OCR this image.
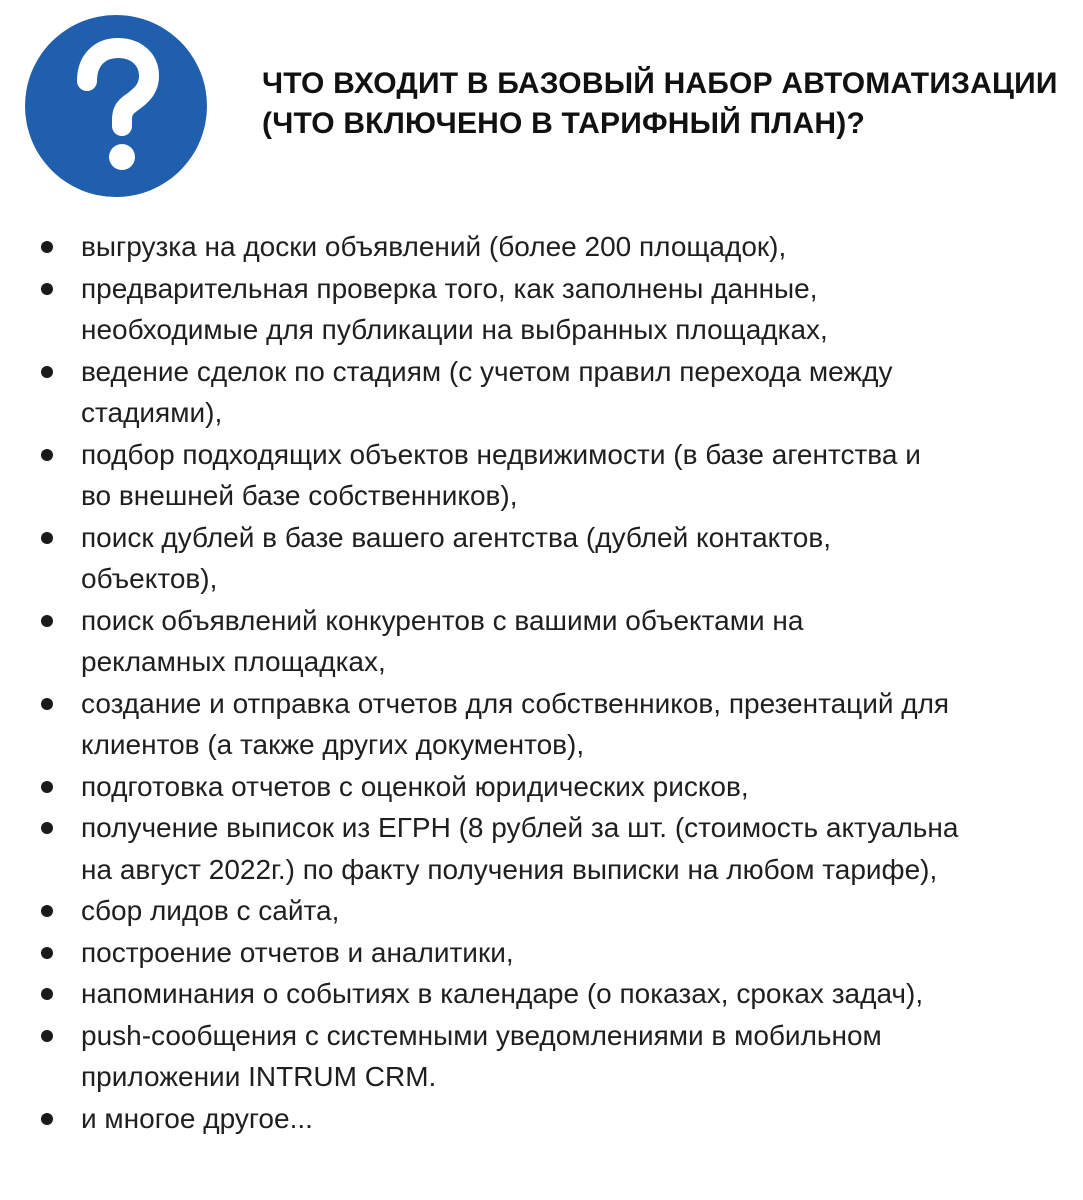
ЧТО ВХОДИТ В БАЗОВЫЙ НАБОР АВТОМАТИЗАЦИИ
(ЧТО ВКЛЮЧЕНО В ТАРИФНЫЙ ПЛАН)?
выгрузка на доски объявлений (более 200 площадок),
предварительная проверка того, как заполнены данные,
необходимые для публикации на выбранных площадках,
ведение сделок по стадиям (с учетом правил перехода между
стадиями),
подбор подходящих объектов недвижимости (в базе агентства и
во внешней базе собственников),
поиск дублей в базе вашего агентства (дублей контактов,
объектов),
поиск объявлений конкурентов с вашими объектами на
рекламных площадках,
создание и отправка отчетов для собственников, презентаций для
клиентов (а также других документов),
подготовка отчетов с оценкой юридических рисков,
получение выписок из ЕГРН (8 рублей за шт. (стоимость актуальна
на август 2022г.) по факту получения выписки на любом тарифе),
сбор лидов с сайта,
построение отчетов и аналитики,
напоминания о событиях в календаре (о показах, сроках задач),
push-сообщения с системными уведомлениями в мобильном
приложении INTRUM CRM.
и многое другое...
